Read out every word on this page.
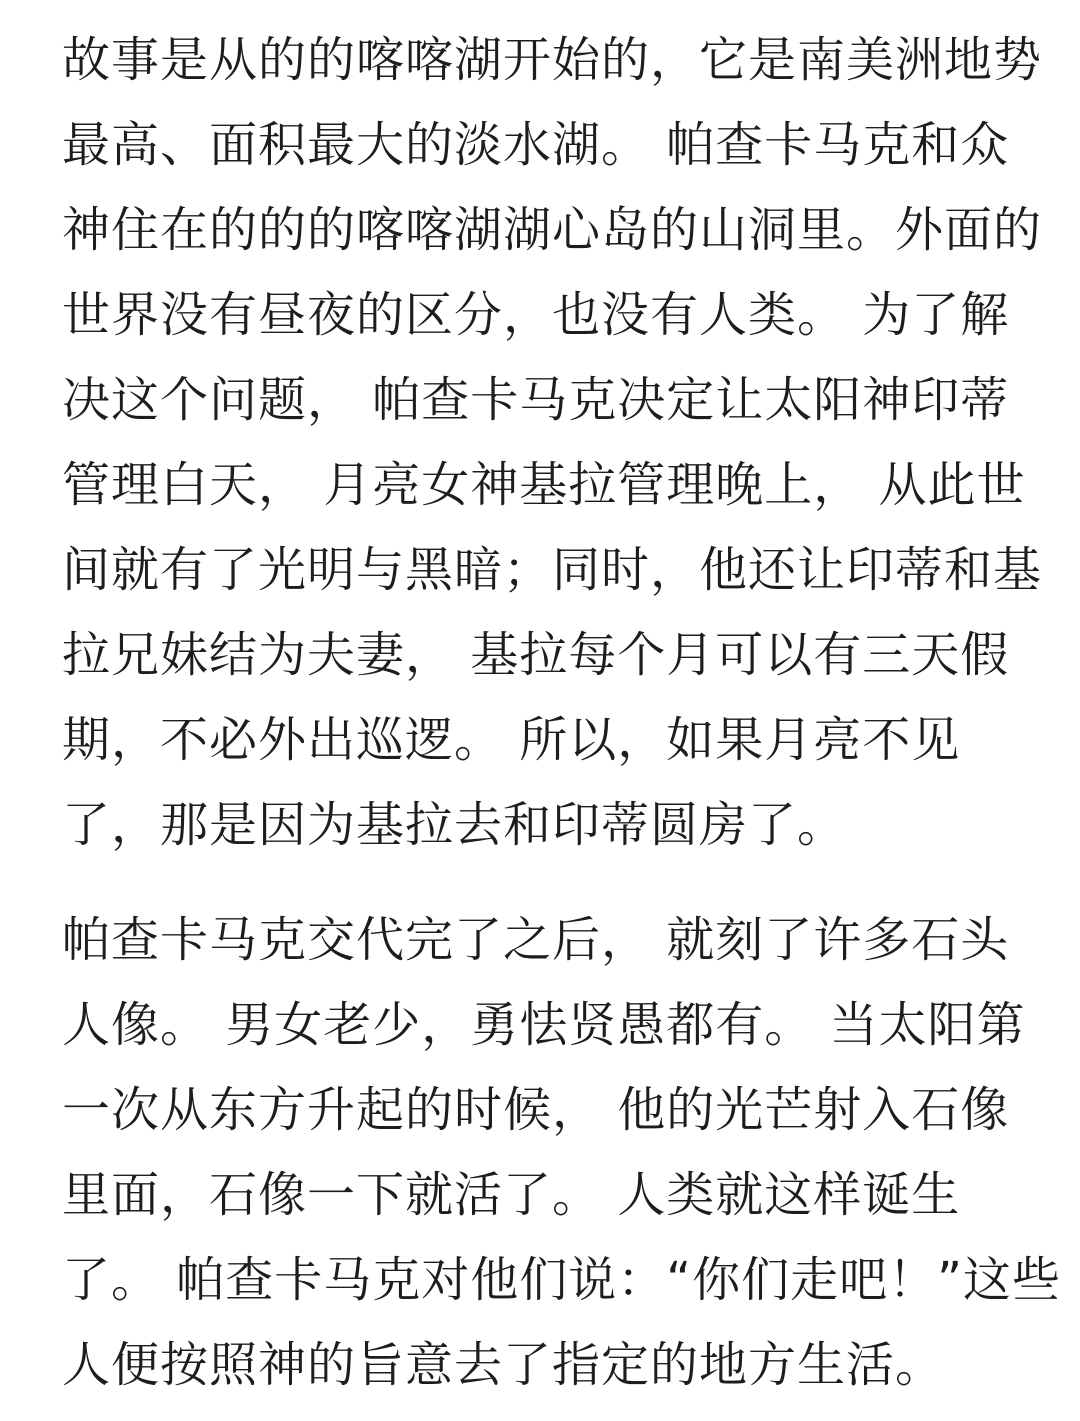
故事是从的的喀喀湖开始的，它是南美洲地势
最高、面积最大的淡水湖。 帕查卡马克和众
神住在的的的喀喀湖湖心岛的山洞里。外面的
世界没有昼夜的区分，也没有人类。 为了解
决这个问题， 帕查卡马克决定让太阳神印蒂
管理白天， 月亮女神基拉管理晚上， 从此世
间就有了光明与黑暗；同时，他还让印蒂和基
拉兄妹结为夫妻， 基拉每个月可以有三天假
期，不必外出巡逻。 所以，如果月亮不见
了，那是因为基拉去和印蒂圆房了。
帕查卡马克交代完了之后， 就刻了许多石头
人像。 男女老少，勇怯贤愚都有。 当太阳第
一次从东方升起的时候， 他的光芒射入石像
里面，石像一下就活了。 人类就这样诞生
了。 帕查卡马克对他们说：“你们走吧！”这些
人便按照神的旨意去了指定的地方生活。
